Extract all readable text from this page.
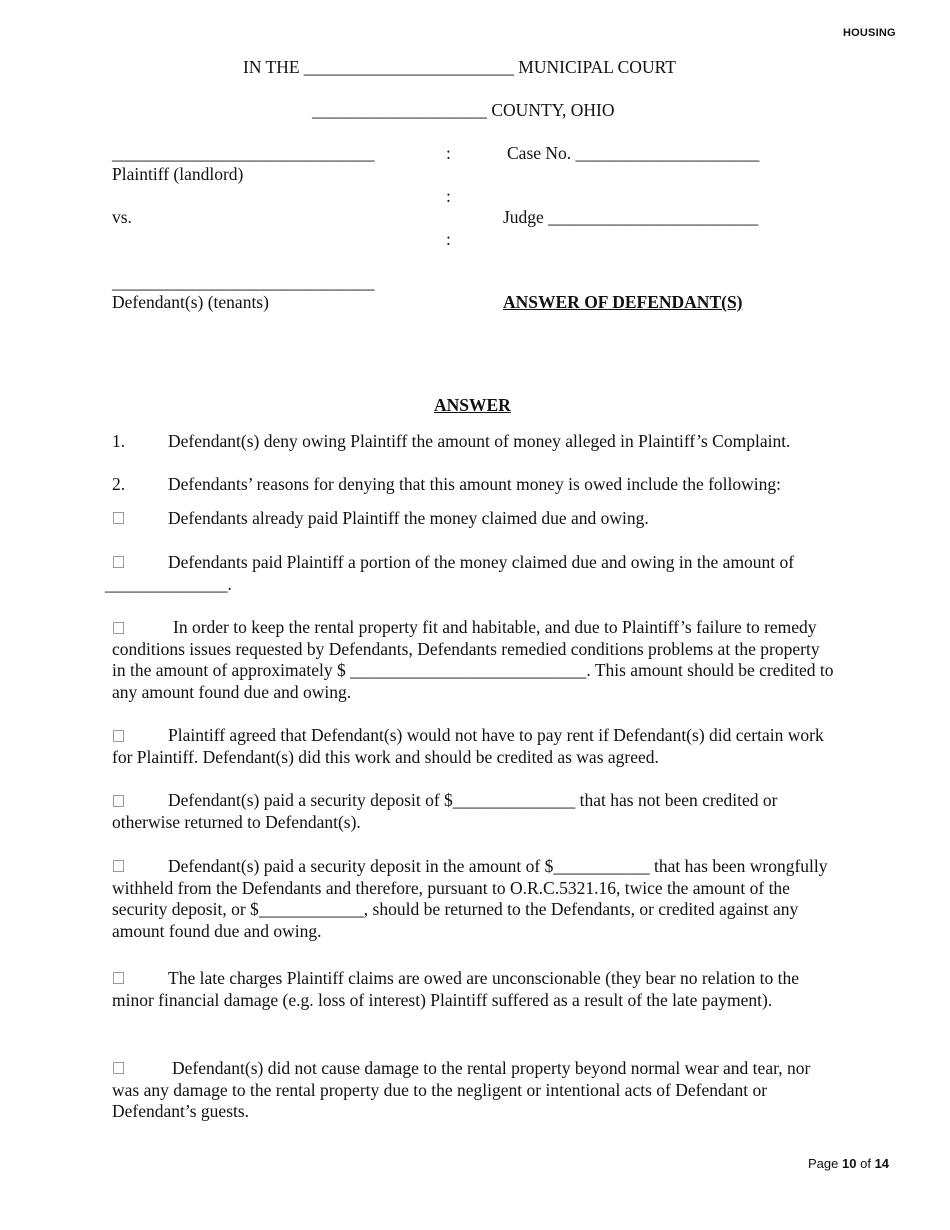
HOUSING
IN THE ________________________ MUNICIPAL COURT
____________________ COUNTY, OHIO
______________________________
Plaintiff (landlord)
vs.
______________________________
Defendant(s) (tenants)
:
:
:
Case No. _____________________
Judge ________________________
ANSWER OF DEFENDANT(S)
ANSWER
1. Defendant(s) deny owing Plaintiff the amount of money alleged in Plaintiff’s Complaint.
2. Defendants’ reasons for denying that this amount money is owed include the following:
Defendants already paid Plaintiff the money claimed due and owing.
Defendants paid Plaintiff a portion of the money claimed due and owing in the amount of
______________.
In order to keep the rental property fit and habitable, and due to Plaintiff’s failure to remedy conditions issues requested by Defendants, Defendants remedied conditions problems at the property in the amount of approximately $ ___________________________. This amount should be credited to any amount found due and owing.
Plaintiff agreed that Defendant(s) would not have to pay rent if Defendant(s) did certain work for Plaintiff. Defendant(s) did this work and should be credited as was agreed.
Defendant(s) paid a security deposit of $______________ that has not been credited or otherwise returned to Defendant(s).
Defendant(s) paid a security deposit in the amount of $___________ that has been wrongfully withheld from the Defendants and therefore, pursuant to O.R.C.5321.16, twice the amount of the security deposit, or $____________, should be returned to the Defendants, or credited against any amount found due and owing.
The late charges Plaintiff claims are owed are unconscionable (they bear no relation to the minor financial damage (e.g. loss of interest) Plaintiff suffered as a result of the late payment).
Defendant(s) did not cause damage to the rental property beyond normal wear and tear, nor was any damage to the rental property due to the negligent or intentional acts of Defendant or Defendant’s guests.
Page 10 of 14
